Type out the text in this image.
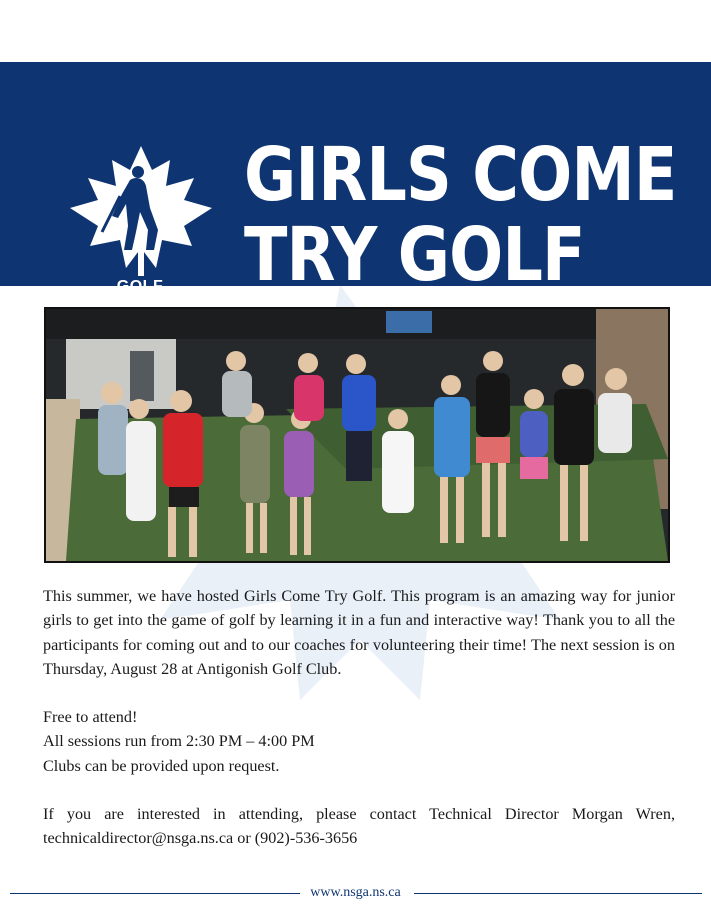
GOLF
GIRLS COME
TRY GOLF
This summer, we have hosted Girls Come Try Golf. This program is an amazing way for junior girls to get into the game of golf by learning it in a fun and interactive way! Thank you to all the participants for coming out and to our coaches for volunteering their time! The next session is on Thursday, August 28 at Antigonish Golf Club.
Free to attend!
All sessions run from 2:30 PM – 4:00 PM
Clubs can be provided upon request.
If you are interested in attending, please contact Technical Director Morgan Wren, technicaldirector@nsga.ns.ca or (902)-536-3656
www.nsga.ns.ca
